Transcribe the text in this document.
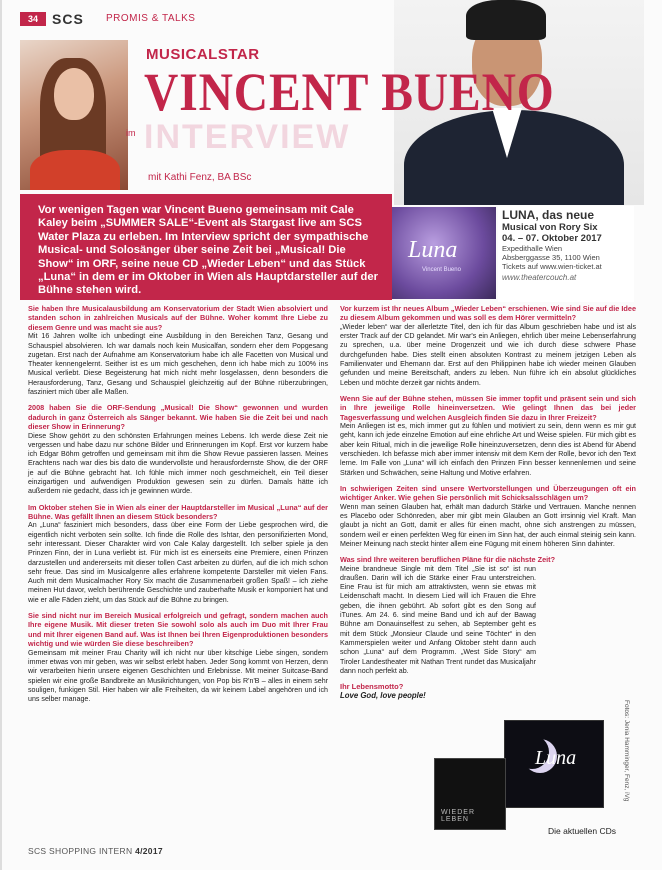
34	SCS PROMIS & TALKS
MUSICALSTAR
VINCENT BUENO
INTERVIEW
im
mit Kathi Fenz, BA BSc
Vor wenigen Tagen war Vincent Bueno gemeinsam mit Cale Kaley beim „SUMMER SALE“-Event als Stargast live am SCS Water Plaza zu erleben. Im Interview spricht der sympathische Musical- und Solosänger über seine Zeit bei „Musical! Die Show“ im ORF, seine neue CD „Wieder Leben“ und das Stück „Luna“ in dem er im Oktober in Wien als Hauptdarsteller auf der Bühne stehen wird.
Luna
Vincent Bueno
LUNA, das neue
Musical von Rory Six
04. – 07. Oktober 2017
Expedithalle Wien
Absberggasse 35, 1100 Wien
Tickets auf www.wien-ticket.at
www.theatercouch.at
Sie haben Ihre Musicalausbildung am Konservatorium der Stadt Wien absolviert und standen schon in zahlreichen Musicals auf der Bühne. Woher kommt Ihre Liebe zu diesem Genre und was macht sie aus?
Mit 16 Jahren wollte ich unbedingt eine Ausbildung in den Bereichen Tanz, Gesang und Schauspiel absolvieren. Ich war damals noch kein Musicalfan, sondern eher dem Popgesang zugetan. Erst nach der Aufnahme am Konservatorium habe ich alle Facetten von Musical und Theater kennengelernt. Seither ist es um mich geschehen, denn ich habe mich zu 100% ins Musical verliebt. Diese Begeisterung hat mich nicht mehr losgelassen, denn besonders die Herausforderung, Tanz, Gesang und Schauspiel gleichzeitig auf der Bühne rüberzubringen, fasziniert mich über alle Maßen.
2008 haben Sie die ORF-Sendung „Musical! Die Show“ gewonnen und wurden dadurch in ganz Österreich als Sänger bekannt. Wie haben Sie die Zeit bei und nach dieser Show in Erinnerung?
Diese Show gehört zu den schönsten Erfahrungen meines Lebens. Ich werde diese Zeit nie vergessen und habe dazu nur schöne Bilder und Erinnerungen im Kopf. Erst vor kurzem habe ich Edgar Böhm getroffen und gemeinsam mit ihm die Show Revue passieren lassen. Meines Erachtens nach war dies bis dato die wundervollste und herausfordernste Show, die der ORF je auf die Bühne gebracht hat. Ich fühle mich immer noch geschmeichelt, ein Teil dieser einzigartigen und aufwendigen Produktion gewesen sein zu dürfen. Damals hätte ich außerdem nie gedacht, dass ich je gewinnen würde.
Im Oktober stehen Sie in Wien als einer der Hauptdarsteller im Musical „Luna“ auf der Bühne. Was gefällt Ihnen an diesem Stück besonders?
An „Luna“ fasziniert mich besonders, dass über eine Form der Liebe gesprochen wird, die eigentlich nicht verboten sein sollte. Ich finde die Rolle des Ishtar, den personifizierten Mond, sehr interessant. Dieser Charakter wird von Cale Kalay dargestellt. Ich selber spiele ja den Prinzen Finn, der in Luna verliebt ist. Für mich ist es einerseits eine Premiere, einen Prinzen darzustellen und andererseits mit dieser tollen Cast arbeiten zu dürfen, auf die ich mich schon sehr freue. Das sind im Musicalgenre alles erfahrene kompetente Darsteller mit vielen Fans. Auch mit dem Musicalmacher Rory Six macht die Zusammenarbeit großen Spaß! – ich ziehe meinen Hut davor, welch berührende Geschichte und zauberhafte Musik er komponiert hat und wie er alle Fäden zieht, um das Stück auf die Bühne zu bringen.
Sie sind nicht nur im Bereich Musical erfolgreich und gefragt, sondern machen auch Ihre eigene Musik. Mit dieser treten Sie sowohl solo als auch im Duo mit Ihrer Frau und mit Ihrer eigenen Band auf. Was ist Ihnen bei Ihren Eigenproduktionen besonders wichtig und wie würden Sie diese beschreiben?
Gemeinsam mit meiner Frau Charity will ich nicht nur über kitschige Liebe singen, sondern immer etwas von mir geben, was wir selbst erlebt haben. Jeder Song kommt von Herzen, denn wir verarbeiten hierin unsere eigenen Geschichten und Erlebnisse. Mit meiner Suitcase-Band spielen wir eine große Bandbreite an Musikrichtungen, von Pop bis R'n'B – alles in einem sehr souligen, funkigen Stil. Hier haben wir alle Freiheiten, da wir keinem Label angehören und ich uns selber manage.
Vor kurzem ist Ihr neues Album „Wieder Leben“ erschienen. Wie sind Sie auf die Idee zu diesem Album gekommen und was soll es dem Hörer vermitteln?
„Wieder leben“ war der allerletzte Titel, den ich für das Album geschrieben habe und ist als erster Track auf der CD gelandet. Mir war's ein Anliegen, ehrlich über meine Lebenserfahrung zu sprechen, u.a. über meine Drogenzeit und wie ich durch diese schwere Phase durchgefunden habe. Dies stellt einen absoluten Kontrast zu meinem jetzigen Leben als Familienvater und Ehemann dar. Erst auf den Philippinen habe ich wieder meinen Glauben gefunden und meine Bereitschaft, anders zu leben. Nun führe ich ein absolut glückliches Leben und möchte derzeit gar nichts ändern.
Wenn Sie auf der Bühne stehen, müssen Sie immer topfit und präsent sein und sich in Ihre jeweilige Rolle hineinversetzen. Wie gelingt Ihnen das bei jeder Tagesverfassung und welchen Ausgleich finden Sie dazu in Ihrer Freizeit?
Mein Anliegen ist es, mich immer gut zu fühlen und motiviert zu sein, denn wenn es mir gut geht, kann ich jede einzelne Emotion auf eine ehrliche Art und Weise spielen. Für mich gibt es aber kein Ritual, mich in die jeweilige Rolle hineinzuversetzen, denn dies ist Abend für Abend verschieden. Ich befasse mich aber immer intensiv mit dem Kern der Rolle, bevor ich den Text lerne. Im Falle von „Luna“ will ich einfach den Prinzen Finn besser kennenlernen und seine Stärken und Schwächen, seine Haltung und Motive erfahren.
In schwierigen Zeiten sind unsere Wertvorstellungen und Überzeugungen oft ein wichtiger Anker. Wie gehen Sie persönlich mit Schicksalsschlägen um?
Wenn man seinen Glauben hat, erhält man dadurch Stärke und Vertrauen. Manche nennen es Placebo oder Schönreden, aber mir gibt mein Glauben an Gott irrsinnig viel Kraft. Man glaubt ja nicht an Gott, damit er alles für einen macht, ohne sich anstrengen zu müssen, sondern weil er einen perfekten Weg für einen im Sinn hat, der auch einmal steinig sein kann. Meiner Meinung nach steckt hinter allem eine Fügung mit einem höheren Sinn dahinter.
Was sind Ihre weiteren beruflichen Pläne für die nächste Zeit?
Meine brandneue Single mit dem Titel „Sie ist so“ ist nun draußen. Darin will ich die Stärke einer Frau unterstreichen. Eine Frau ist für mich am attraktivsten, wenn sie etwas mit Leidenschaft macht. In diesem Lied will ich Frauen die Ehre geben, die ihnen gebührt. Ab sofort gibt es den Song auf iTunes. Am 24. 6. sind meine Band und ich auf der Bawag Bühne am Donauinselfest zu sehen, ab September geht es mit dem Stück „Monsieur Claude und seine Töchter“ in den Kammerspielen weiter und Anfang Oktober steht dann auch schon „Luna“ auf dem Programm. „West Side Story“ am Tiroler Landestheater mit Nathan Trent rundet das Musicaljahr dann noch perfekt ab.
Ihr Lebensmotto?
Love God, love people!
Luna
WIEDER LEBEN
Die aktuellen CDs
Fotos: Jenia Hamminger, Fenz, iVg
SCS SHOPPING INTERN 4/2017
